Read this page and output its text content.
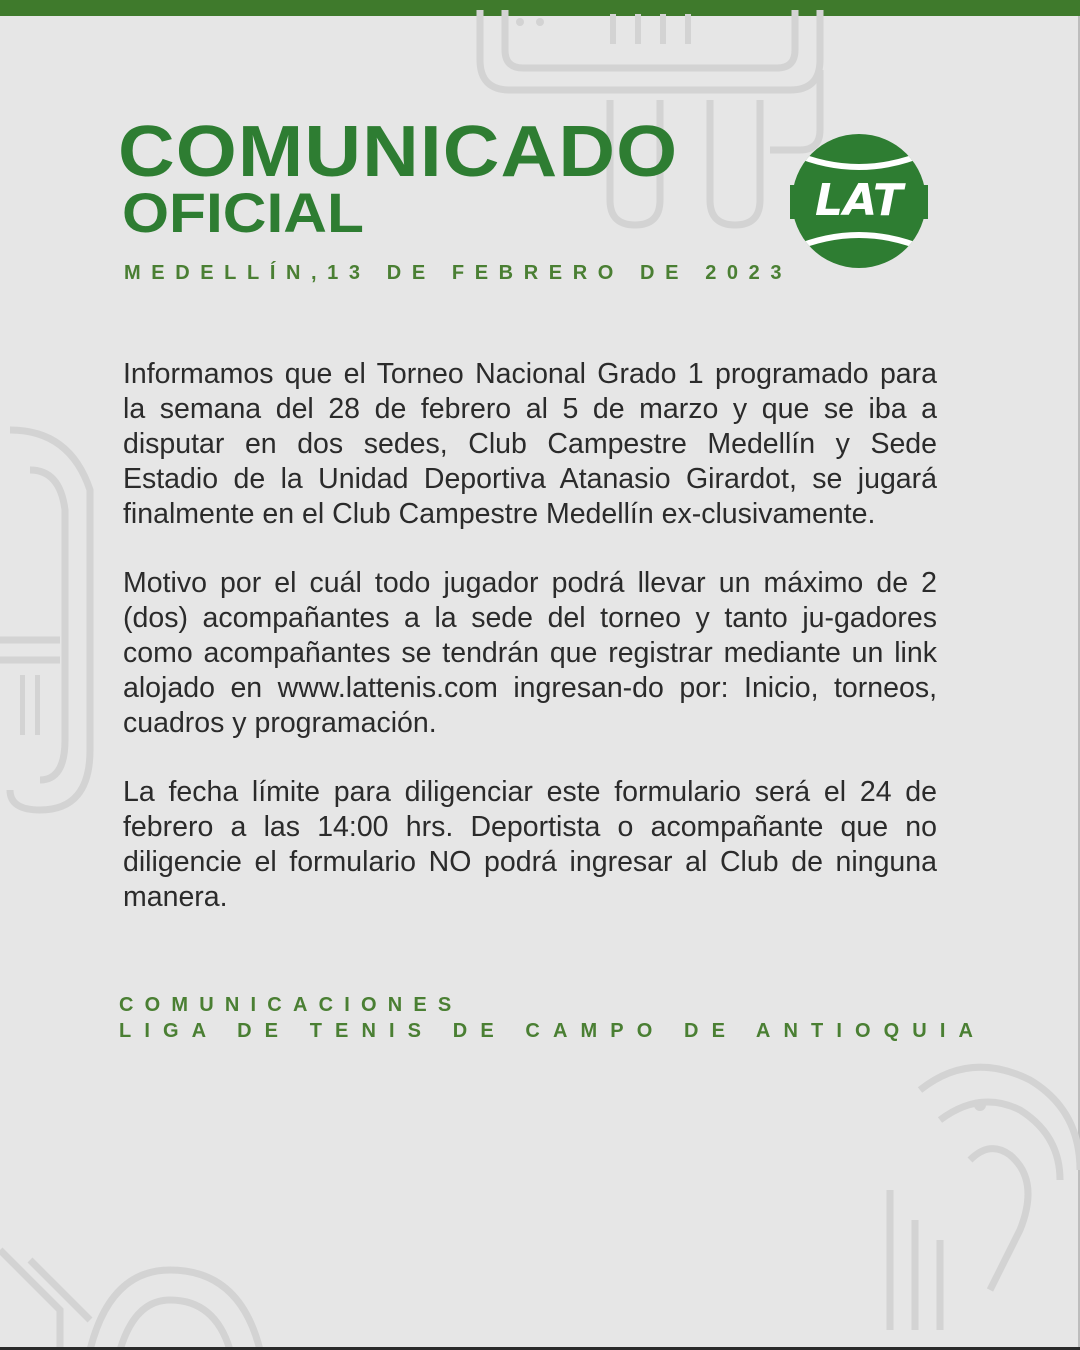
COMUNICADO
OFICIAL
MEDELLÍN,13 DE FEBRERO DE 2023
LAT

Informamos que el Torneo Nacional Grado 1 programado para la semana del 28 de febrero al 5 de marzo y que se iba a disputar en dos sedes, Club Campestre Medellín y Sede Estadio de la Unidad Deportiva Atanasio Girardot, se jugará finalmente en el Club Campestre Medellín ex-clusivamente.

Motivo por el cuál todo jugador podrá llevar un máximo de 2 (dos) acompañantes a la sede del torneo y tanto ju-gadores como acompañantes se tendrán que registrar mediante un link alojado en www.lattenis.com ingresan-do por: Inicio, torneos, cuadros y programación.

La fecha límite para diligenciar este formulario será el 24 de febrero a las 14:00 hrs. Deportista o acompañante que no diligencie el formulario NO podrá ingresar al Club de ninguna manera.

COMUNICACIONES
LIGA DE TENIS DE CAMPO DE ANTIOQUIA
